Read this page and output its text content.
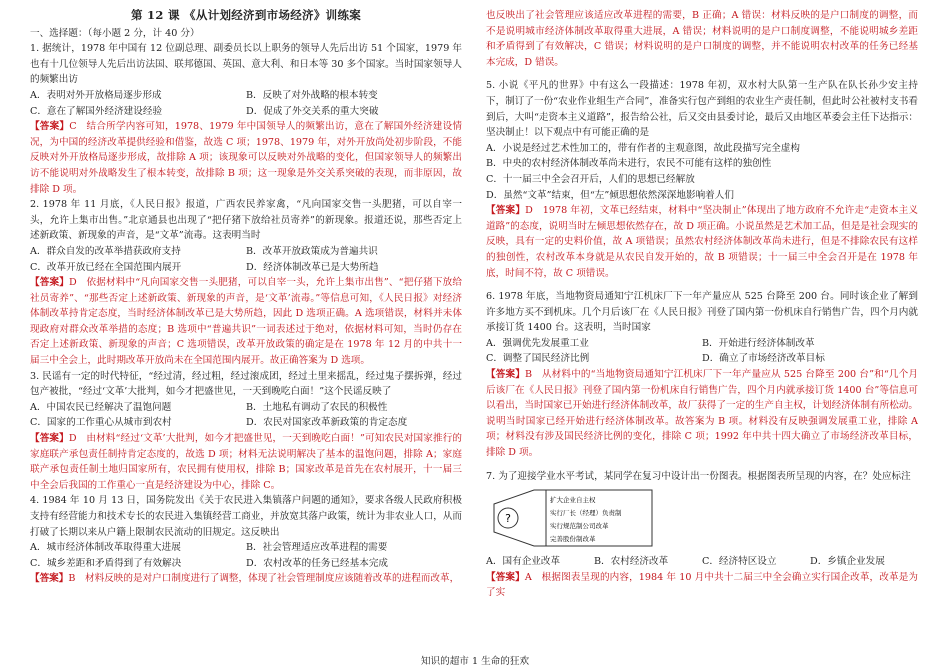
第 12 课 《从计划经济到市场经济》训练案

一、选择题：（每小题 2 分，计 40 分）

1. 据统计，1978 年中国有 12 位副总理、副委员长以上职务的领导人先后出访 51 个国家，1979 年也有十几位领导人先后出访法国、联邦德国、英国、意大利、和日本等 30 多个国家。当时国家领导人的频繁出访

A．表明对外开放格局逐步形成	B．反映了对外战略的根本转变
C．意在了解国外经济建设经验	D．促成了外交关系的重大突破

【答案】C　结合所学内容可知，1978、1979 年中国领导人的频繁出访，意在了解国外经济建设情况，为中国的经济改革提供经验和借鉴，故选 C 项；1978、1979 年，对外开放尚处初步阶段，不能反映对外开放格局逐步形成，故排除 A 项；该现象可以反映对外战略的变化，但国家领导人的频繁出访不能说明对外战略发生了根本转变，故排除 B 项；这一现象是外交关系突破的表现，而非原因，故排除 D 项。

2. 1978 年 11 月底，《人民日报》报道，广西农民养家禽，“凡向国家交售一头肥猪，可以自宰一头，允许上集市出售。”北京通县也出现了“把仔猪下放给社员寄养”的新现象。报道还说，那些否定上述新政策、新现象的声音，是“文革”流毒。这表明当时

A．群众自发的改革举措获政府支持	B．改革开放政策成为普遍共识
C．改革开放已经在全国范围内展开	D．经济体制改革已是大势所趋

【答案】D　依据材料中“凡向国家交售一头肥猪，可以自宰一头，允许上集市出售”、“把仔猪下放给社员寄养”、“那些否定上述新政策、新现象的声音，是‘文革’流毒。”等信息可知，《人民日报》对经济体制改革持肯定态度，当时经济体制改革已是大势所趋，因此 D 选项正确。A 选项错误，材料并未体现政府对群众改革举措的态度；B 选项中“普遍共识”一词表述过于绝对，依据材料可知，当时仍存在否定上述新政策、新现象的声音；C 选项错误，改革开放政策的确定是在 1978 年 12 月的中共十一届三中全会上，此时期改革开放尚未在全国范围内展开。故正确答案为 D 选项。

3. 民谣有一定的时代特征，“经过清，经过粗，经过滚成团，经过土里来摇乱，经过鬼子摆拆弹，经过包产被批，“经过‘文革’大批判，如今才把盛世见，一天到晚吃白面！”这个民谣反映了

A．中国农民已经解决了温饱问题	B．土地私有调动了农民的积极性
C．国家的工作重心从城市到农村	D．农民对国家改革新政策的肯定态度

【答案】D　由材料“经过‘文革’大批判，如今才把盛世见，一天到晚吃白面！”可知农民对国家推行的家庭联产承包责任制持肯定态度的，故选 D 项；材料无法说明解决了基本的温饱问题，排除 A；家庭联产承包责任制土地归国家所有，农民拥有使用权，排除 B；国家改革是首先在农村展开，十一届三中全会后我国的工作重心一直是经济建设为中心，排除 C。

4. 1984 年 10 月 13 日，国务院发出《关于农民进入集镇落户问题的通知》，要求各级人民政府积极支持有经营能力和技术专长的农民进入集镇经营工商业，并放宽其落户政策，统计为非农业人口，从而打破了长期以来从户籍上限制农民流动的旧规定。这反映出

A．城市经济体制改革取得重大进展	B．社会管理适应改革进程的需要
C．城乡差距和矛盾得到了有效解决	D．农村改革的任务已经基本完成

【答案】B　材料反映的是对户口制度进行了调整，体现了社会管理制度应该随着改革的进程而改革，

也反映出了社会管理应该适应改革进程的需要，B 正确；A 错误：材料反映的是户口制度的调整，而不是说明城市经济体制改革取得重大进展，A 错误；材料说明的是户口制度调整，不能说明城乡差距和矛盾得到了有效解决，C 错误；材料说明的是户口制度的调整，并不能说明农村改革的任务已经基本完成，D 错误。

5. 小说《平凡的世界》中有这么一段描述：1978 年初，双水村大队第一生产队在队长孙少安主持下，制订了一份“农业作业组生产合同”，准备实行包产到组的农业生产责任制，但此时公社被村支书看到后，大叫“走资本主义道路”，报告给公社，后又交由县委讨论，最后又由地区革委会主任下达指示：坚决制止！以下观点中有可能正确的是

A．小说是经过艺术性加工的，带有作者的主观意图，故此段描写完全虚构

B．中央的农村经济体制改革尚未进行，农民不可能有这样的独创性

C．十一届三中全会召开后，人们的思想已经解放

D．虽然“文革”结束，但“左”倾思想依然深深地影响着人们

【答案】D　1978 年初，文革已经结束，材料中“坚决制止”体现出了地方政府不允许走“走资本主义道路”的态度，说明当时左倾思想依然存在，故 D 项正确。小说虽然是艺术加工品，但是是社会现实的反映，具有一定的史料价值，故 A 项错误；虽然农村经济体制改革尚未进行，但是不排除农民有这样的独创性，农村改革本身就是从农民自发开始的，故 B 项错误；十一届三中全会召开是在 1978 年底，时间不符，故 C 项错误。

6. 1978 年底，当地物资局通知宁江机床厂下一年产量应从 525 台降至 200 台。同时该企业了解到许多地方买不到机床。几个月后该厂在《人民日报》刊登了国内第一份机床自行销售广告，四个月内就承接订货 1400 台。这表明，当时国家

A．强调优先发展重工业	B．开始进行经济体制改革
C．调整了国民经济比例	D．确立了市场经济改革目标

【答案】B　从材料中的“当地物资局通知宁江机床厂下一年产量应从 525 台降至 200 台”和“几个月后该厂在《人民日报》刊登了国内第一份机床自行销售广告，四个月内就承接订货 1400 台”等信息可以看出，当时国家已开始进行经济体制改革，故厂获得了一定的生产自主权，计划经济体制有所松动。说明当时国家已经开始进行经济体制改革。故答案为 B 项。材料没有反映强调发展重工业，排除 A 项；材料没有涉及国民经济比例的变化，排除 C 项；1992 年中共十四大确立了市场经济改革目标，排除 D 项。

7. 为了迎接学业水平考试，某同学在复习中设计出一份图表。根据图表所呈现的内容，在？处应标注

?
扩大企业自主权
实行厂长（经理）负责制
实行规范制公司改革
完善股份制改革
A．国有企业改革	B．农村经济改革	C．经济特区设立	D．乡镇企业发展

【答案】A　根据图表呈现的内容，1984 年 10 月中共十二届三中全会确立实行国企改革，改革是为了实

知识的超市 1 生命的狂欢
